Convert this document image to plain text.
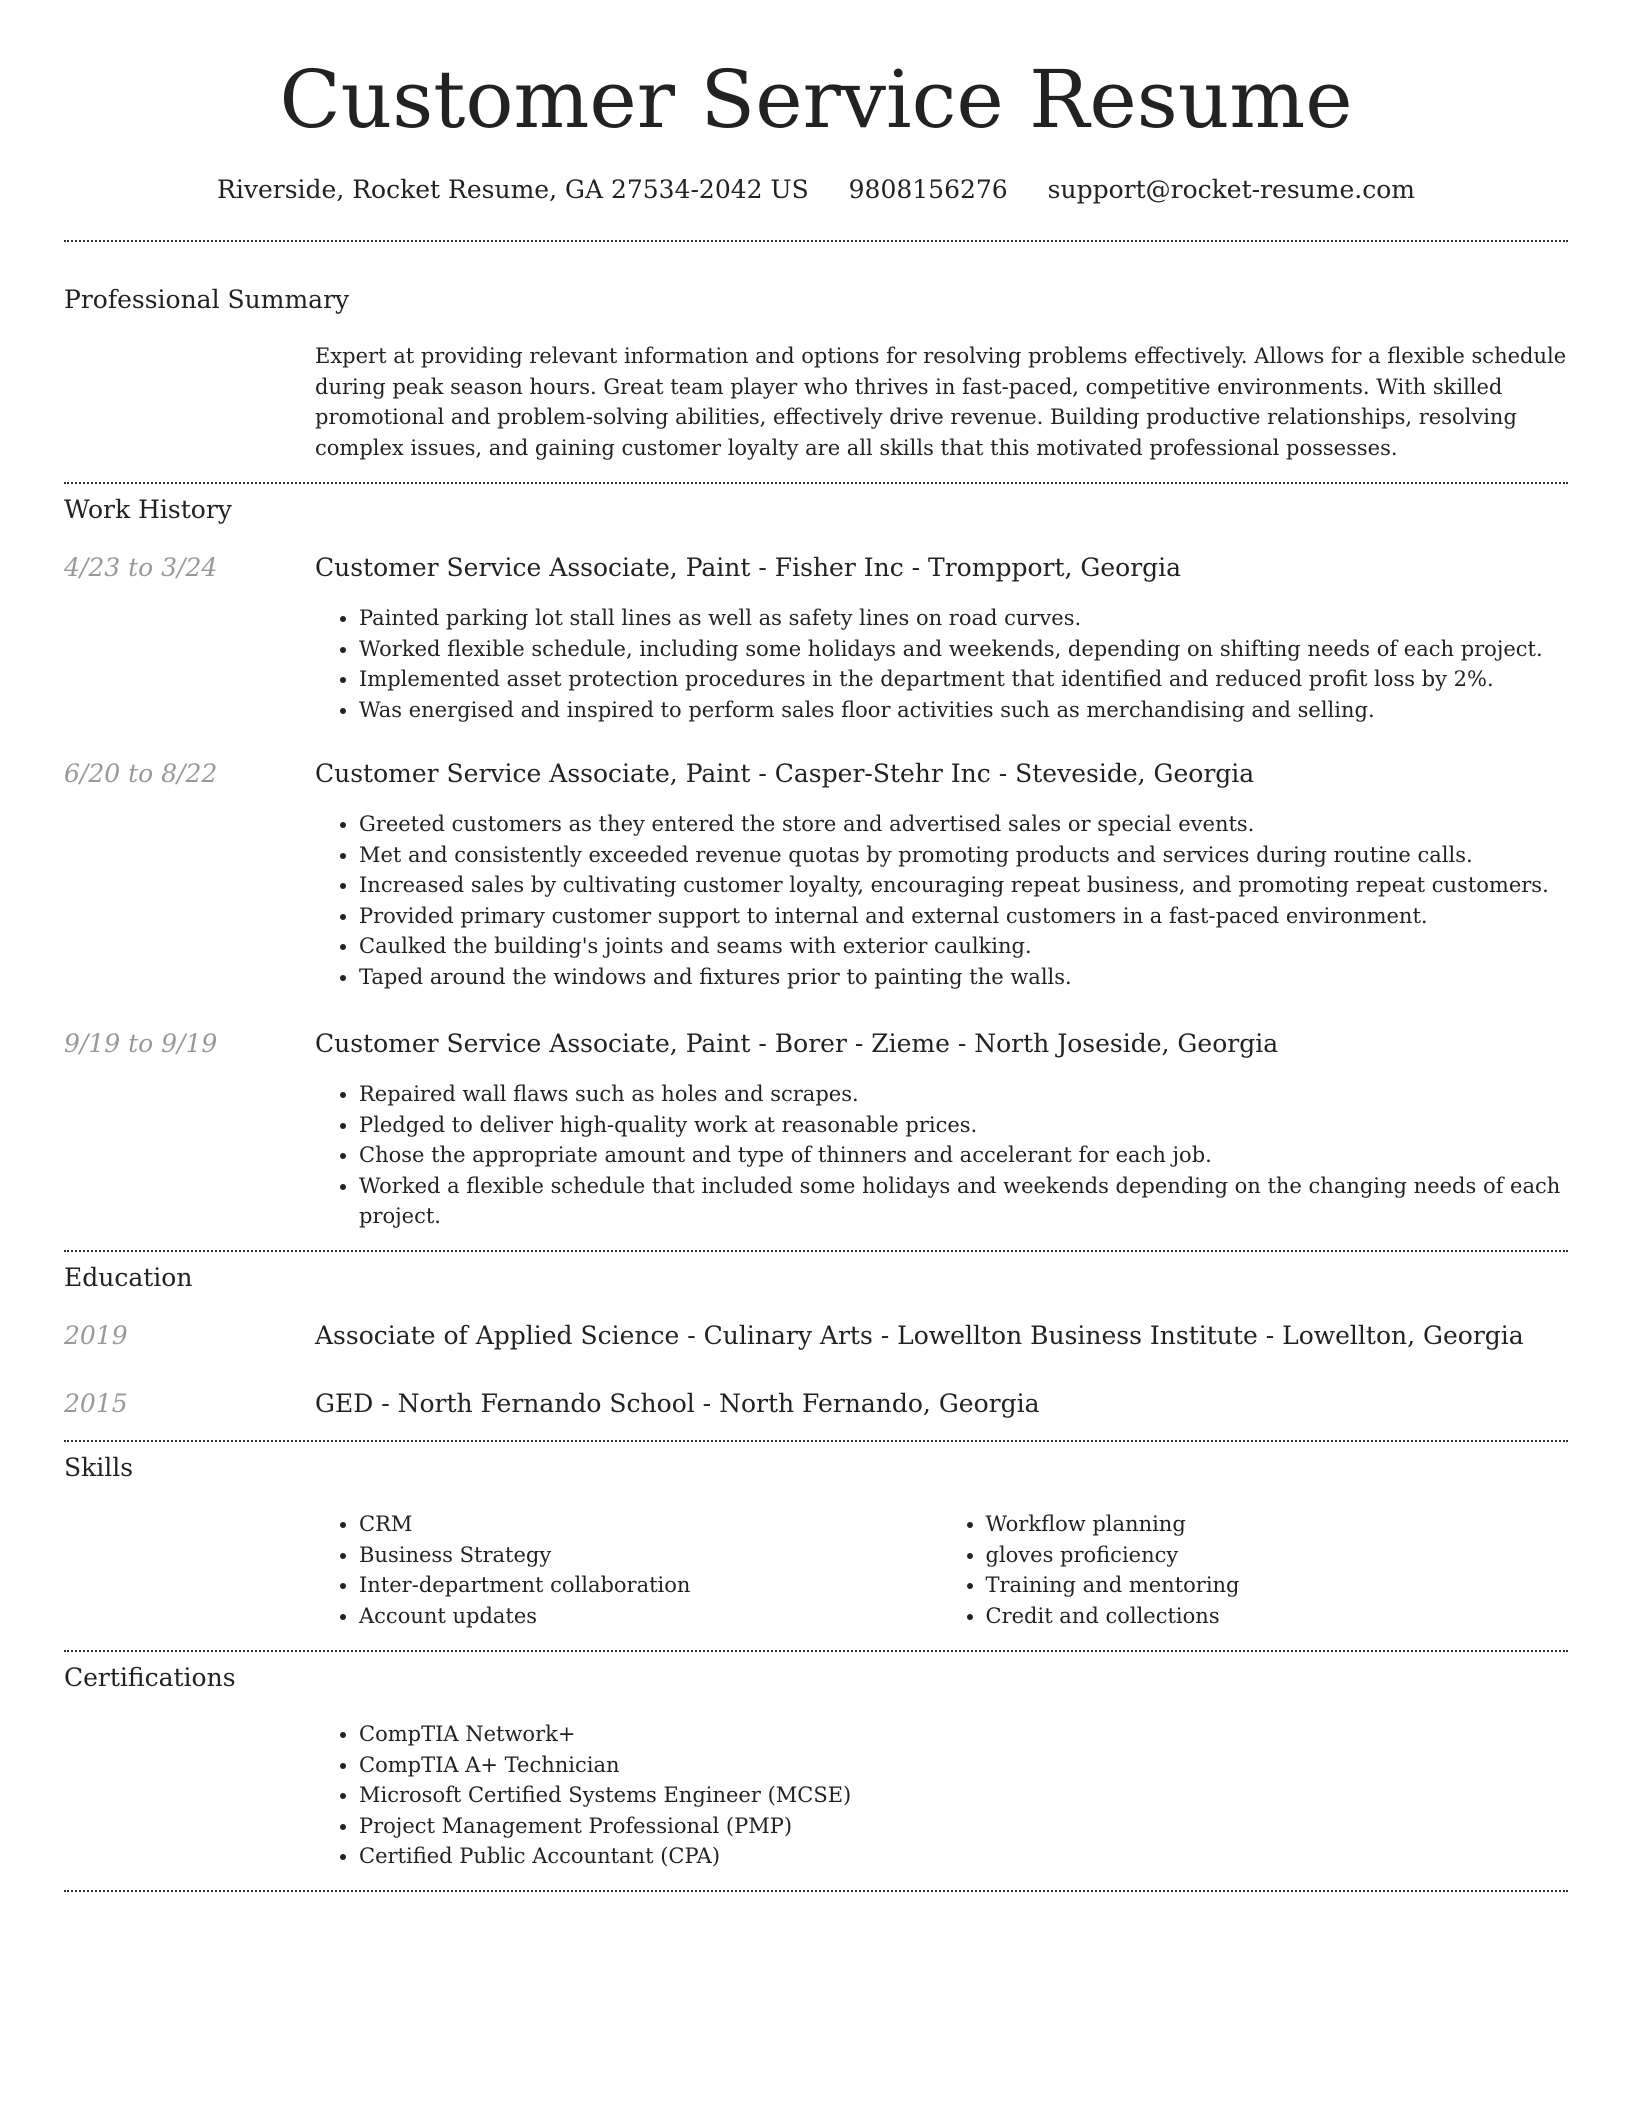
Customer Service Resume
Riverside, Rocket Resume, GA 27534-2042 US 9808156276 support@rocket-resume.com
Professional Summary
Expert at providing relevant information and options for resolving problems effectively. Allows for a flexible schedule during peak season hours. Great team player who thrives in fast-paced, competitive environments. With skilled promotional and problem-solving abilities, effectively drive revenue. Building productive relationships, resolving complex issues, and gaining customer loyalty are all skills that this motivated professional possesses.
Work History
4/23 to 3/24	Customer Service Associate, Paint - Fisher Inc - Trompport, Georgia
• Painted parking lot stall lines as well as safety lines on road curves.
• Worked flexible schedule, including some holidays and weekends, depending on shifting needs of each project.
• Implemented asset protection procedures in the department that identified and reduced profit loss by 2%.
• Was energised and inspired to perform sales floor activities such as merchandising and selling.
6/20 to 8/22	Customer Service Associate, Paint - Casper-Stehr Inc - Steveside, Georgia
• Greeted customers as they entered the store and advertised sales or special events.
• Met and consistently exceeded revenue quotas by promoting products and services during routine calls.
• Increased sales by cultivating customer loyalty, encouraging repeat business, and promoting repeat customers.
• Provided primary customer support to internal and external customers in a fast-paced environment.
• Caulked the building's joints and seams with exterior caulking.
• Taped around the windows and fixtures prior to painting the walls.
9/19 to 9/19	Customer Service Associate, Paint - Borer - Zieme - North Joseside, Georgia
• Repaired wall flaws such as holes and scrapes.
• Pledged to deliver high-quality work at reasonable prices.
• Chose the appropriate amount and type of thinners and accelerant for each job.
• Worked a flexible schedule that included some holidays and weekends depending on the changing needs of each project.
Education
2019	Associate of Applied Science - Culinary Arts - Lowellton Business Institute - Lowellton, Georgia
2015	GED - North Fernando School - North Fernando, Georgia
Skills
• CRM
• Business Strategy
• Inter-department collaboration
• Account updates
• Workflow planning
• gloves proficiency
• Training and mentoring
• Credit and collections
Certifications
• CompTIA Network+
• CompTIA A+ Technician
• Microsoft Certified Systems Engineer (MCSE)
• Project Management Professional (PMP)
• Certified Public Accountant (CPA)
